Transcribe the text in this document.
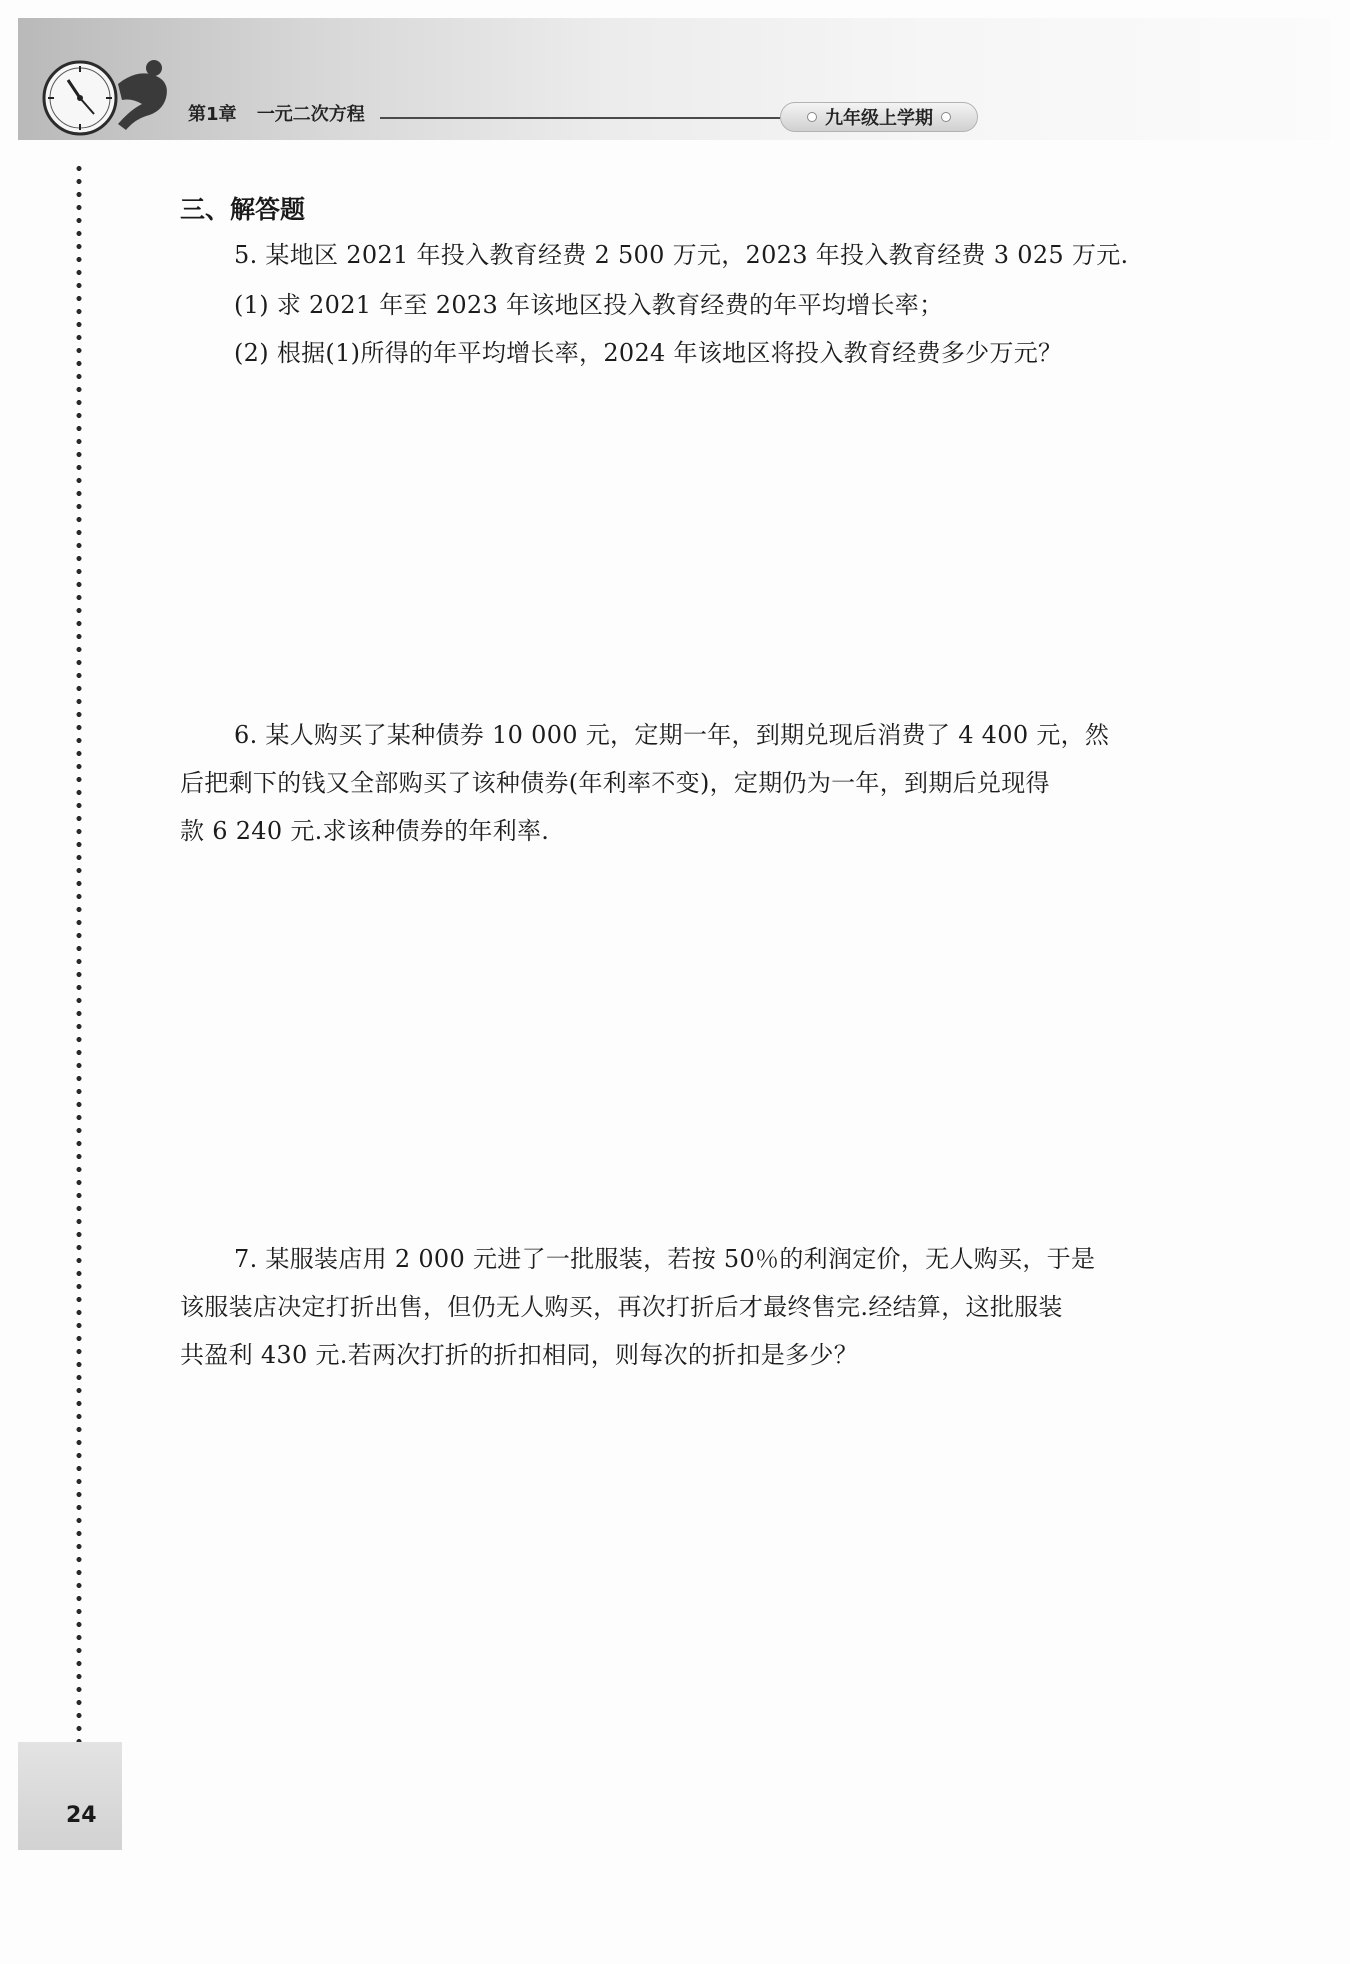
第1章 一元二次方程	九年级上学期
三、解答题
5. 某地区 2021 年投入教育经费 2 500 万元，2023 年投入教育经费 3 025 万元.
(1) 求 2021 年至 2023 年该地区投入教育经费的年平均增长率；
(2) 根据(1)所得的年平均增长率，2024 年该地区将投入教育经费多少万元？
6. 某人购买了某种债券 10 000 元，定期一年，到期兑现后消费了 4 400 元，然
后把剩下的钱又全部购买了该种债券(年利率不变)，定期仍为一年，到期后兑现得
款 6 240 元.求该种债券的年利率.
7. 某服装店用 2 000 元进了一批服装，若按 50％的利润定价，无人购买，于是
该服装店决定打折出售，但仍无人购买，再次打折后才最终售完.经结算，这批服装
共盈利 430 元.若两次打折的折扣相同，则每次的折扣是多少？
24
